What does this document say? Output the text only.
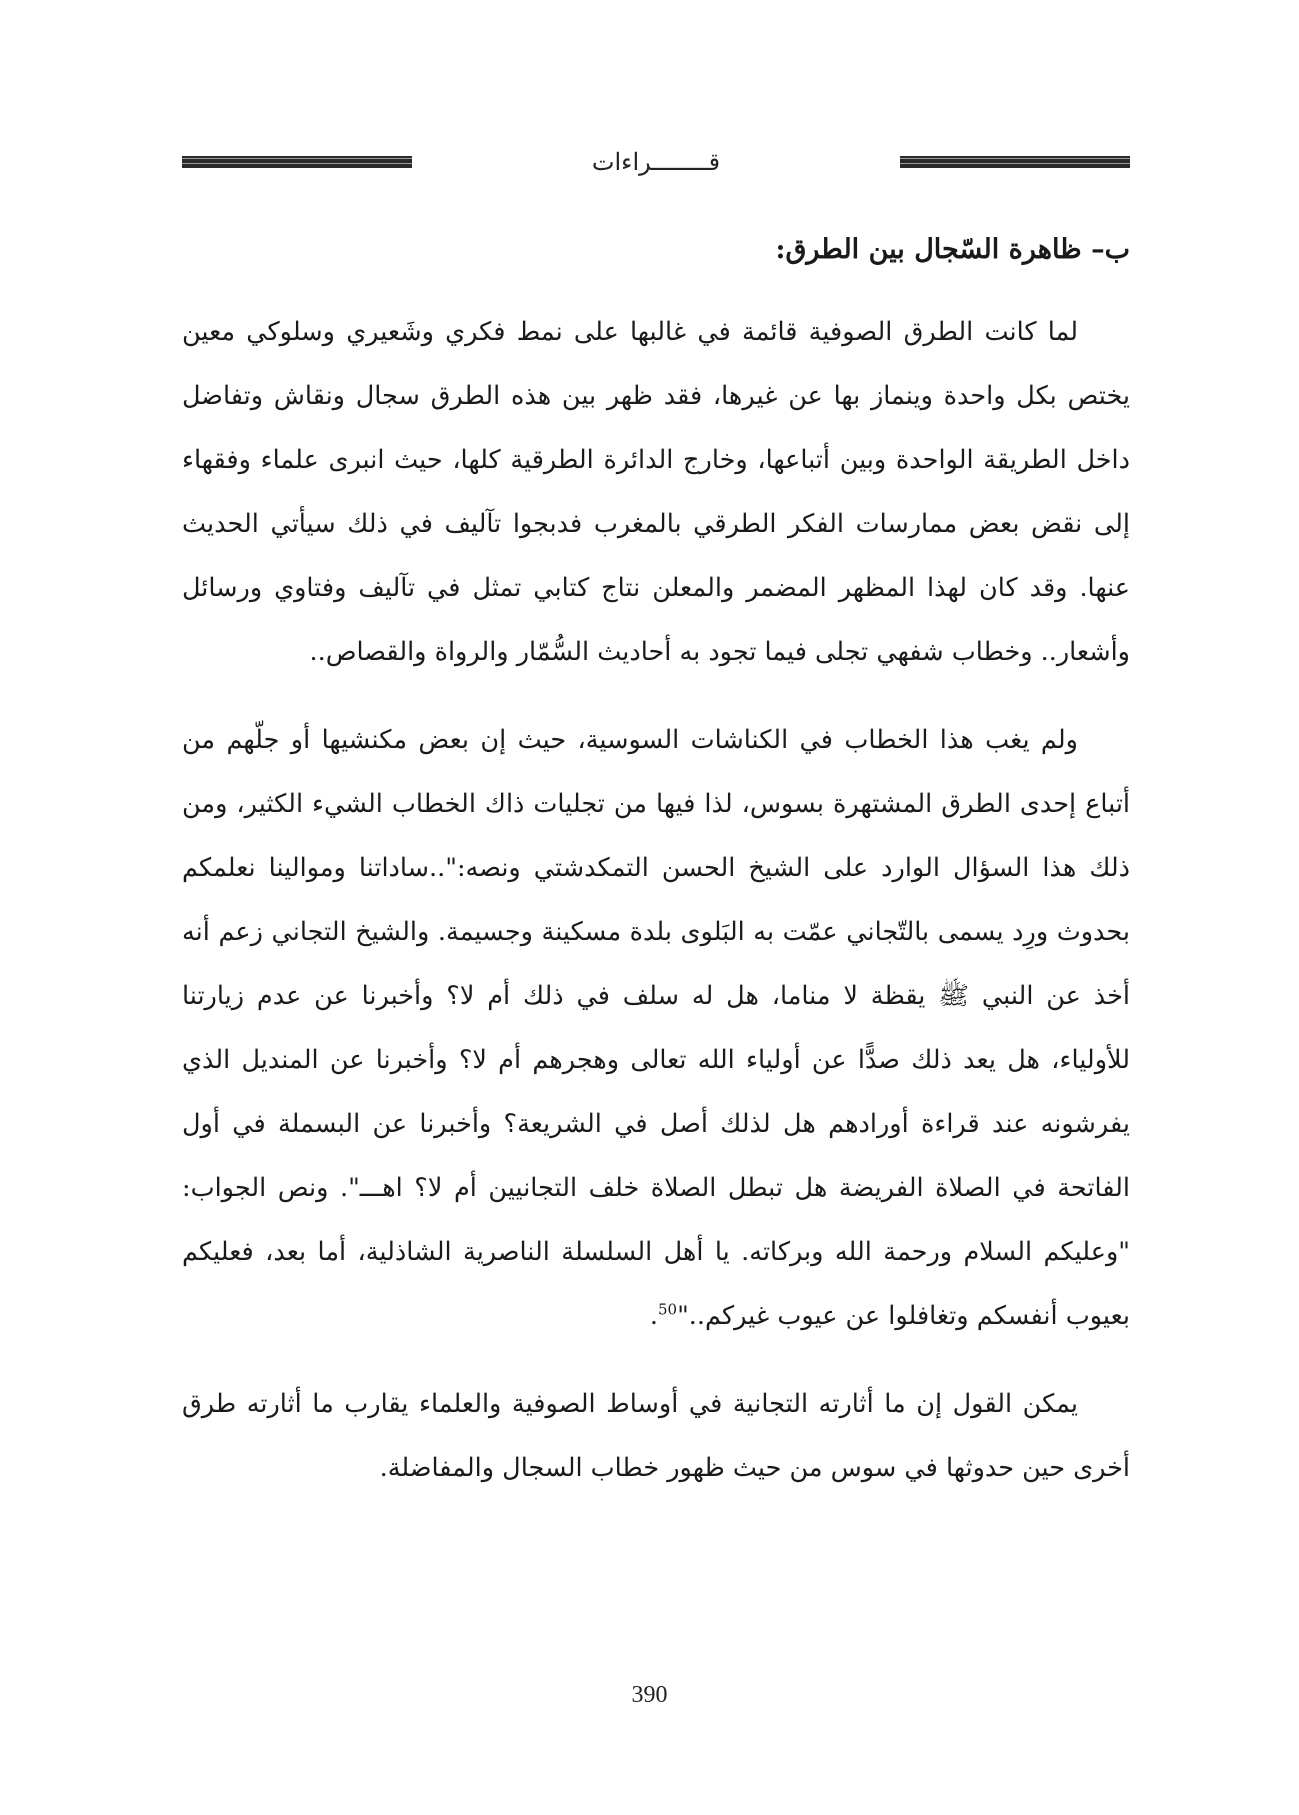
قــــــــراءات
ب– ظاهرة السّجال بين الطرق:

لما كانت الطرق الصوفية قائمة في غالبها على نمط فكري وشَعيري وسلوكي معين يختص بكل واحدة وينماز بها عن غيرها، فقد ظهر بين هذه الطرق سجال ونقاش وتفاضل داخل الطريقة الواحدة وبين أتباعها، وخارج الدائرة الطرقية كلها، حيث انبرى علماء وفقهاء إلى نقض بعض ممارسات الفكر الطرقي بالمغرب فدبجوا تآليف في ذلك سيأتي الحديث عنها. وقد كان لهذا المظهر المضمر والمعلن نتاج كتابي تمثل في تآليف وفتاوي ورسائل وأشعار.. وخطاب شفهي تجلى فيما تجود به أحاديث السُّمّار والرواة والقصاص..

ولم يغب هذا الخطاب في الكناشات السوسية، حيث إن بعض مكنشيها أو جلّهم من أتباع إحدى الطرق المشتهرة بسوس، لذا فيها من تجليات ذاك الخطاب الشيء الكثير، ومن ذلك هذا السؤال الوارد على الشيخ الحسن التمكدشتي ونصه:"..ساداتنا وموالينا نعلمكم بحدوث ورِد يسمى بالتّجاني عمّت به البَلوى بلدة مسكينة وجسيمة. والشيخ التجاني زعم أنه أخذ عن النبي ﷺ يقظة لا مناما، هل له سلف في ذلك أم لا؟ وأخبرنا عن عدم زيارتنا للأولياء، هل يعد ذلك صدًّا عن أولياء الله تعالى وهجرهم أم لا؟ وأخبرنا عن المنديل الذي يفرشونه عند قراءة أورادهم هل لذلك أصل في الشريعة؟ وأخبرنا عن البسملة في أول الفاتحة في الصلاة الفريضة هل تبطل الصلاة خلف التجانيين أم لا؟ اهـــ". ونص الجواب: "وعليكم السلام ورحمة الله وبركاته. يا أهل السلسلة الناصرية الشاذلية، أما بعد، فعليكم بعيوب أنفسكم وتغافلوا عن عيوب غيركم.."$^{50}$.

يمكن القول إن ما أثارته التجانية في أوساط الصوفية والعلماء يقارب ما أثارته طرق أخرى حين حدوثها في سوس من حيث ظهور خطاب السجال والمفاضلة.

390
